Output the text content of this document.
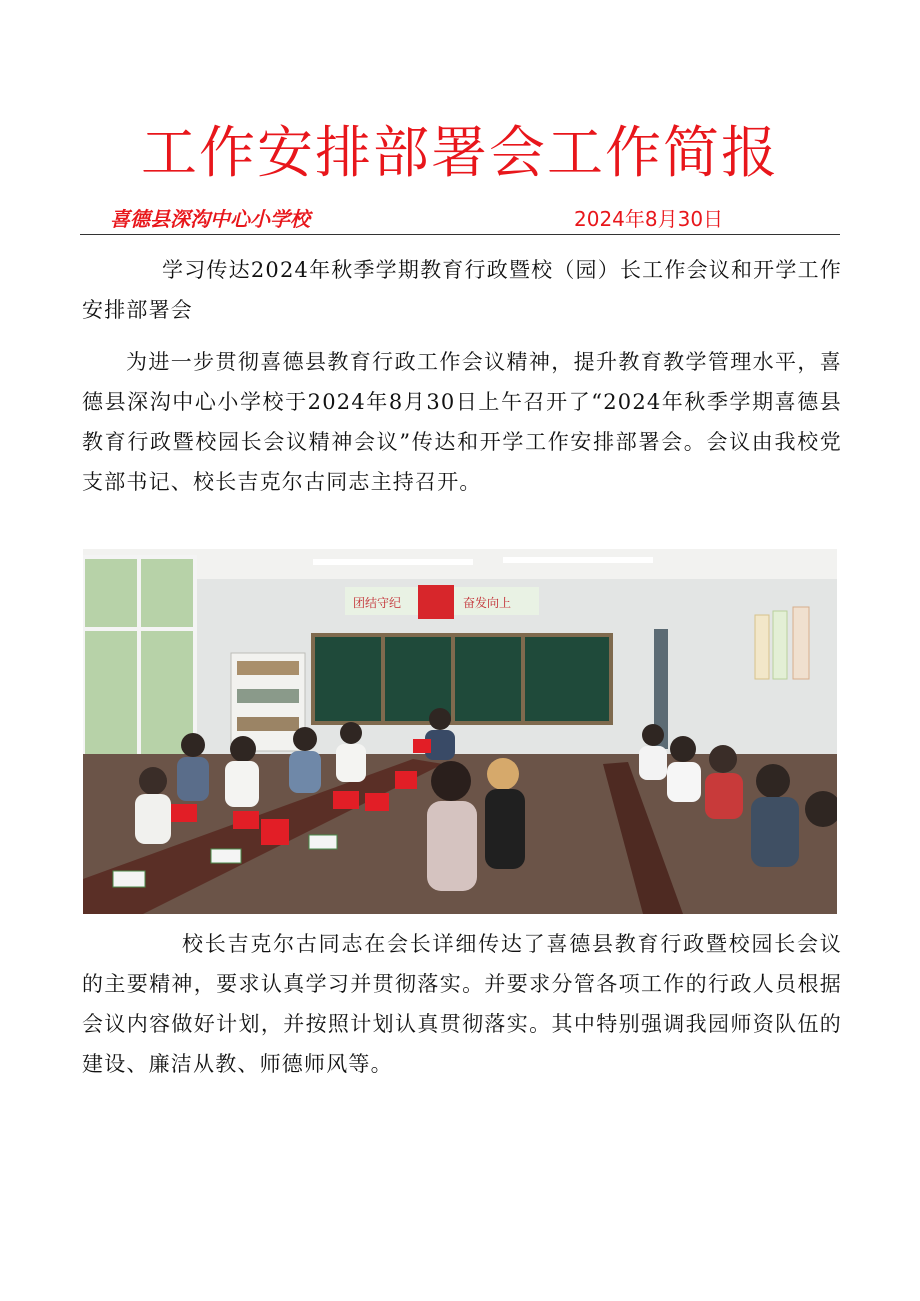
工作安排部署会工作简报
喜德县深沟中心小学校	2024年8月30日

学习传达2024年秋季学期教育行政暨校（园）长工作会议和开学工作安排部署会

为进一步贯彻喜德县教育行政工作会议精神，提升教育教学管理水平，喜德县深沟中心小学校于2024年8月30日上午召开了“2024年秋季学期喜德县教育行政暨校园长会议精神会议”传达和开学工作安排部署会。会议由我校党支部书记、校长吉克尔古同志主持召开。

团结守纪	奋发向上

校长吉克尔古同志在会长详细传达了喜德县教育行政暨校园长会议的主要精神，要求认真学习并贯彻落实。并要求分管各项工作的行政人员根据会议内容做好计划，并按照计划认真贯彻落实。其中特别强调我园师资队伍的建设、廉洁从教、师德师风等。
